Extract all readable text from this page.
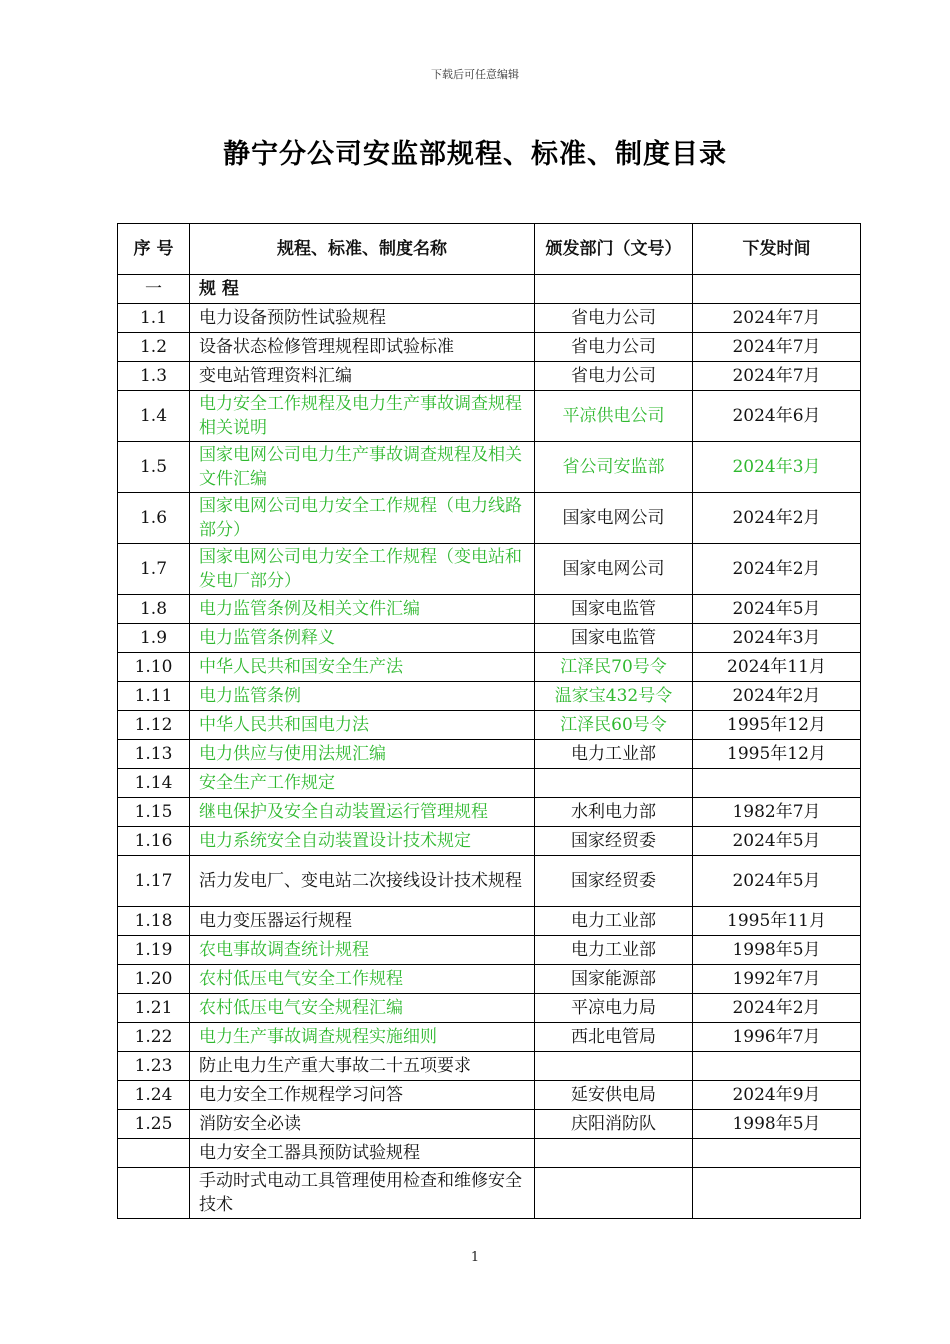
下载后可任意编辑
静宁分公司安监部规程、标准、制度目录
序 号	规程、标准、制度名称	颁发部门（文号）	下发时间
一	规 程		
1.1	电力设备预防性试验规程	省电力公司	2024年7月
1.2	设备状态检修管理规程即试验标准	省电力公司	2024年7月
1.3	变电站管理资料汇编	省电力公司	2024年7月
1.4	电力安全工作规程及电力生产事故调查规程相关说明	平凉供电公司	2024年6月
1.5	国家电网公司电力生产事故调查规程及相关文件汇编	省公司安监部	2024年3月
1.6	国家电网公司电力安全工作规程（电力线路部分）	国家电网公司	2024年2月
1.7	国家电网公司电力安全工作规程（变电站和发电厂部分）	国家电网公司	2024年2月
1.8	电力监管条例及相关文件汇编	国家电监管	2024年5月
1.9	电力监管条例释义	国家电监管	2024年3月
1.10	中华人民共和国安全生产法	江泽民70号令	2024年11月
1.11	电力监管条例	温家宝432号令	2024年2月
1.12	中华人民共和国电力法	江泽民60号令	1995年12月
1.13	电力供应与使用法规汇编	电力工业部	1995年12月
1.14	安全生产工作规定		
1.15	继电保护及安全自动装置运行管理规程	水利电力部	1982年7月
1.16	电力系统安全自动装置设计技术规定	国家经贸委	2024年5月
1.17	活力发电厂、变电站二次接线设计技术规程	国家经贸委	2024年5月
1.18	电力变压器运行规程	电力工业部	1995年11月
1.19	农电事故调查统计规程	电力工业部	1998年5月
1.20	农村低压电气安全工作规程	国家能源部	1992年7月
1.21	农村低压电气安全规程汇编	平凉电力局	2024年2月
1.22	电力生产事故调查规程实施细则	西北电管局	1996年7月
1.23	防止电力生产重大事故二十五项要求		
1.24	电力安全工作规程学习问答	延安供电局	2024年9月
1.25	消防安全必读	庆阳消防队	1998年5月
	电力安全工器具预防试验规程		
	手动时式电动工具管理使用检查和维修安全技术		
1
